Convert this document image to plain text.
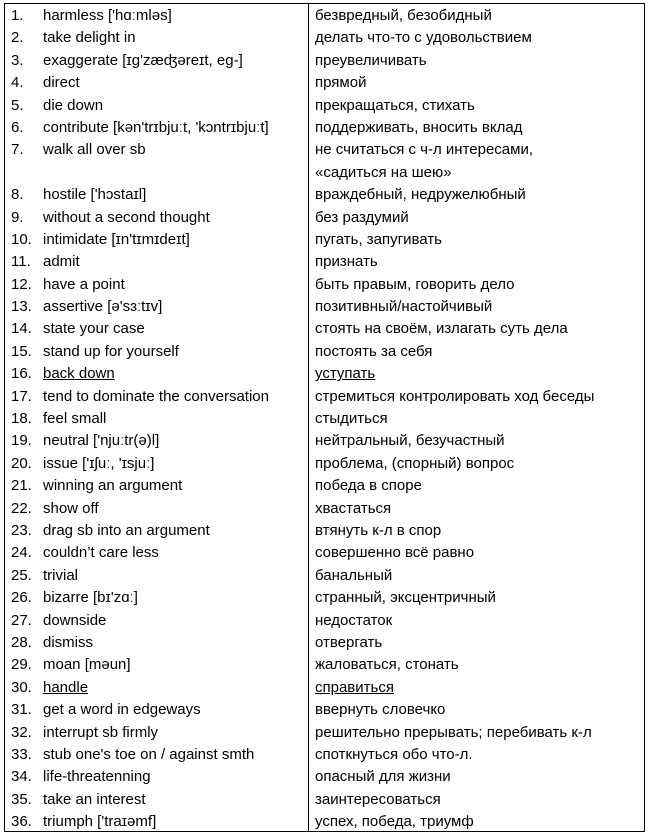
1. harmless ['hɑːmləs]	безвредный, безобидный
2. take delight in	делать что-то с удовольствием
3. exaggerate [ɪg'zæʤəreɪt, eg-]	преувеличивать
4. direct	прямой
5. die down	прекращаться, стихать
6. contribute [kən'trɪbjuːt, 'kɔntrɪbjuːt]	поддерживать, вносить вклад
7. walk all over sb	не считаться с ч-л интересами,
«садиться на шею»
8. hostile ['hɔstaɪl]	враждебный, недружелюбный
9. without a second thought	без раздумий
10. intimidate [ɪn'tɪmɪdeɪt]	пугать, запугивать
11. admit	признать
12. have a point	быть правым, говорить дело
13. assertive [ə'sɜːtɪv]	позитивный/настойчивый
14. state your case	стоять на своём, излагать суть дела
15. stand up for yourself	постоять за себя
16. back down	уступать
17. tend to dominate the conversation	стремиться контролировать ход беседы
18. feel small	стыдиться
19. neutral ['njuːtr(ə)l]	нейтральный, безучастный
20. issue ['ɪʃuː, 'ɪsjuː]	проблема, (спорный) вопрос
21. winning an argument	победа в споре
22. show off	хвастаться
23. drag sb into an argument	втянуть к-л в спор
24. couldn’t care less	совершенно всё равно
25. trivial	банальный
26. bizarre [bɪ'zɑː]	странный, эксцентричный
27. downside	недостаток
28. dismiss	отвергать
29. moan [məun]	жаловаться, стонать
30. handle	справиться
31. get a word in edgeways	ввернуть словечко
32. interrupt sb firmly	решительно прерывать; перебивать к-л
33. stub one's toe on / against smth	споткнуться обо что-л.
34. life-threatenning	опасный для жизни
35. take an interest	заинтересоваться
36. triumph ['traɪəmf]	успех, победа, триумф
